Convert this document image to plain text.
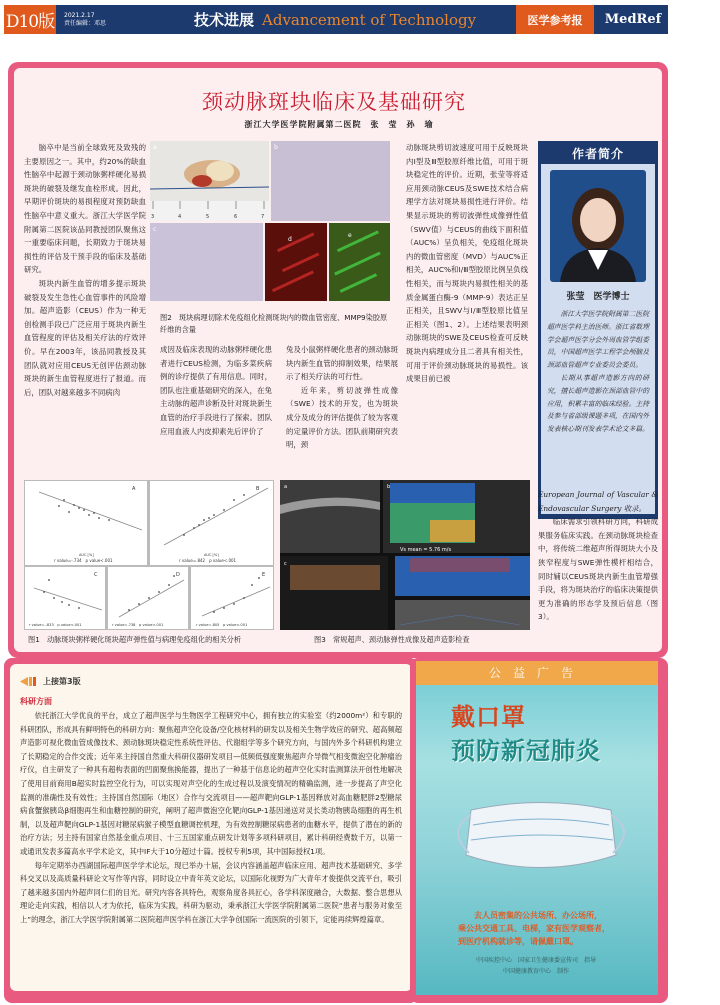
D10版	2021.2.17
责任编辑：邓思	技术进展 Advancement of Technology	医学参考报	MedRef
颈动脉斑块临床及基础研究
浙江大学医学院附属第二医院　张　莹　孙　瑜

脑卒中是当前全球致死及致残的主要原因之一。其中，约20%的缺血性脑卒中起源于颈动脉粥样硬化易损斑块的破裂及继发血栓形成。因此，早期评价斑块的易损程度对预防缺血性脑卒中意义重大。浙江大学医学院附属第二医院该品同教授团队聚焦这一重要临床问题，长期致力于斑块易损性的评估及干预手段的临床及基础研究。

斑块内新生血管的增多提示斑块破裂及发生急性心血管事件的风险增加。超声造影（CEUS）作为一种无创检测手段已广泛应用于斑块内新生血管程度的评估及相关疗法的疗效评价。早在2003年，该品同教授及其团队就对应用CEUS无创评估颈动脉斑块的新生血管程度进行了报道。而后，团队对越来越多不同病肉

3	4	5	6	7
a	b
c
d
e
图2　斑块病理切除术免疫组化检测斑块内的微血管密度、MMP9染胶原纤维的含量

成因及临床表现的动脉粥样硬化患者进行CEUS检测，为临多菜疾病例的诊疗提供了有用信息。同时，团队也注重基础研究的深入，在兔主动脉的超声诊断及针对斑块新生血管的治疗手段进行了探索。团队应用血液人内皮抑素先后评价了

兔及小鼠粥样硬化患者的颈动脉斑块内新生血管的抑制效果，结果展示了相关疗法的可行性。

近年来，剪切波弹性成像（SWE）技术的开发，也为斑块成分及成分的评估提供了较为客观的定量评价方法。团队前期研究表明，颈

动脉斑块剪切波速度可用于反映斑块内Ⅰ型及Ⅲ型胶原纤维比值，可用于斑块稳定性的评价。近期，张莹等将适应用颈动脉CEUS及SWE技术结合病理学方法对斑块易损性进行评价。结果显示斑块的剪切波弹性成像弹性值（SWV值）与CEUS的曲线下面积值（AUC%）呈负相关，免疫组化斑块内的微血管密度（MVD）与AUC%正相关，AUC%和Ⅰ/Ⅲ型胶原比例呈负线性相关，而与斑块内易损性相关的基质金属蛋白酶-9（MMP-9）表达正呈正相关，且SWV与Ⅰ/Ⅲ型胶原比值呈正相关（图1、2）。上述结果表明颈动脉斑块的SWE及CEUS检查可反映斑块内病理成分且二者具有相关性，可用于评价颈动脉斑块的易损性。该成果目前已被

作者简介
张莹　医学博士

浙江大学医学院附属第二医院超声医学科主治医师。浙江省数理学会超声医学分会外周血管学组委员，中国超声医学工程学会颅脑及颈部血管超声专业委员会委员。

长期从事超声造影方向的研究，擅长超声造影在颈部血管中的应用，积累丰富的临床经验。主持及参与省部级课题多项，在国内外发表核心期刊发表学术论文多篇。

European Journal of Vascular & Endovascular Surgery 收录。

临床需求引领科研方向，科研成果服务临床实践。在颈动脉斑块检查中，将传统二维超声所得斑块大小及狭窄程度与SWE弹性模杆相结合，同时辅以CEUS斑块内新生血管增强手段，将为斑块治疗的临床决策提供更为准确的形态学及预后信息（图3）。

A	B
C	D	E
AUC [%]	AUC [%]
r value=-.734　p value<.001	r value=.842　p value<.001
r value=-.833　p value<.001	r value=.738　p value<.001	r value=.805　p value<.001
图1　动脉斑块粥样硬化斑块超声弹性值与病理免疫组化的相关分析
Vs mean = 5.76 m/s
a	b
c
图3　常规超声、颈动脉弹性成像及超声造影检查
上接第3版
科研方面

依托浙江大学优良的平台，成立了超声医学与生物医学工程研究中心，拥有独立的实验室（约2000m²）和专职的科研团队，形成具有鲜明特色的科研方向：聚焦超声空化设备/空化核材料的研发以及相关生物学效应的研究、超高频超声造影可视化微血管成像技术、颈动脉斑块稳定性系统性评估、代谢组学等多个研究方向，与国内外多个科研机构建立了长期稳定的合作交流；近年来主持国自然重大科研仪器研发项目—低频低强度聚焦超声介导微气相变微泡空化肿瘤治疗仪，自主研发了一种具有超构表面的凹面聚焦换能器，提出了一种基于信息论的超声空化实时监测算法开创性地解决了使用目前商用B超实时监控空化行为，可以实现对声空化的生成过程以及演变情况的精确监测，进一步提高了声空化监测的准确性及有效性；主持国自然国际（地区）合作与交流项目——超声靶向GLP-1基因释放对高血糖肥胖2型糖尿病食蟹猴胰岛β细胞再生和血糖控制的研究，阐明了超声微泡空化靶向GLP-1基因递送对灵长类动物胰岛细胞的再生机制，以及超声靶向GLP-1基因对糖尿病猴子模型血糖调控机理，为有效控制糖尿病患者的血糖水平，提供了潜在的新的治疗方法；另主持有国家自然基金重点项目、十三五国家重点研发计划等多项科研项目，累计科研经费数千万，以第一或通讯发表多篇高水平学术论文，其中IF大于10分超过十篇。授权专利5项，其中国际授权1项。

每年定期举办西湖国际超声医学学术论坛，现已举办十届，会议内容涵盖超声临床应用、超声技术基础研究、多学科交叉以及高质量科研论文写作等内容，同时设立中青年英文论坛，以国际化视野为广大青年才俊提供交流平台，吸引了越来越多国内外超声同仁们的目光。研究内容各具特色，观察角度各具匠心，各学科深度融合，大数据、整合思想从理论走向实践，相信以人才为依托，临床为实践，科研为驱动，秉承浙江大学医学院附属第二医院“患者与服务对象至上”的理念，浙江大学医学院附属第二医院超声医学科在浙江大学争创国际一流医院的引领下，定能再续辉煌篇章。

公益广告
戴口罩
预防新冠肺炎

去人员密集的公共场所、办公场所，

乘公共交通工具、电梯，家有医学观察者，

到医疗机构就诊等，请佩戴口罩。

中国疾控中心　国家卫生健康委宣传司　指导
中国健康教育中心　制作
